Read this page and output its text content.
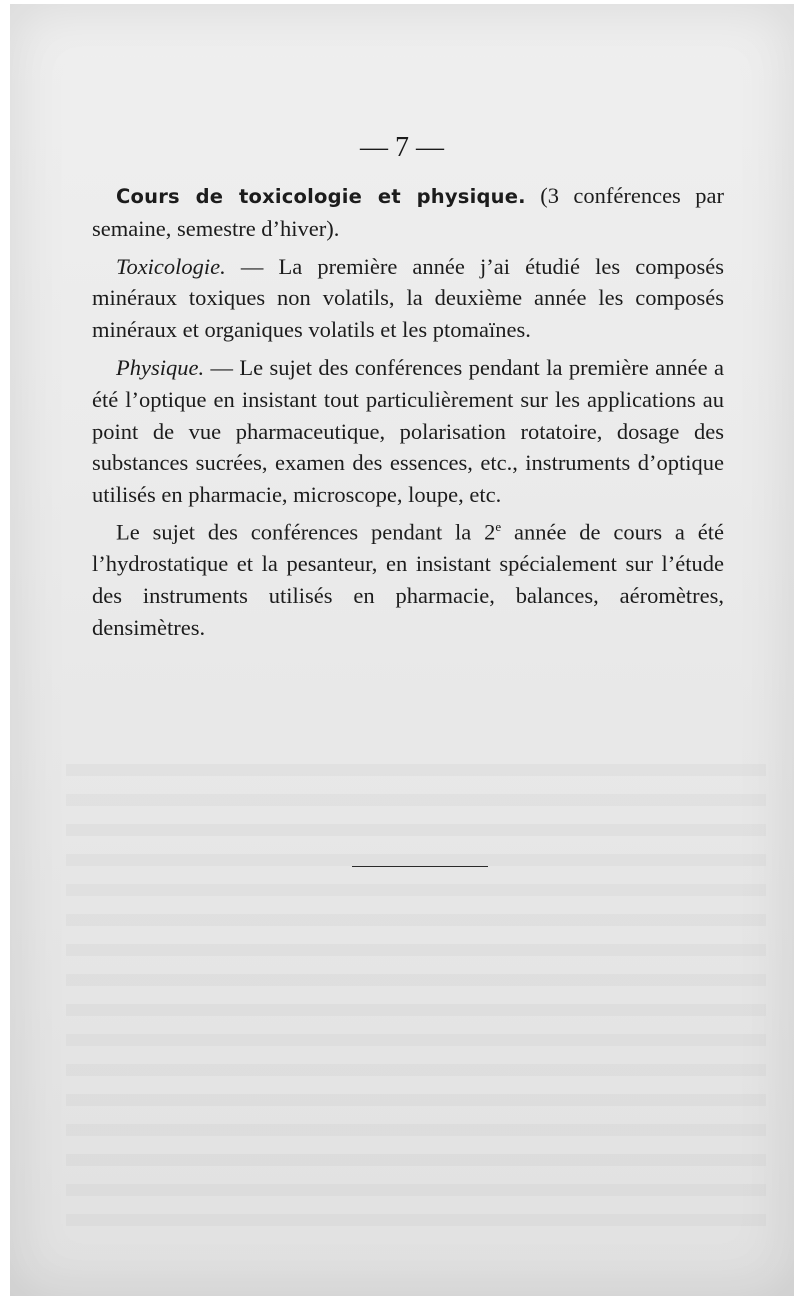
— 7 —

Cours de toxicologie et physique. (3 conférences par semaine, semestre d’hiver).

Toxicologie. — La première année j’ai étudié les composés minéraux toxiques non volatils, la deuxième année les composés minéraux et organiques volatils et les ptomaïnes.

Physique. — Le sujet des conférences pendant la première année a été l’optique en insistant tout particulièrement sur les applications au point de vue pharmaceutique, polarisation rotatoire, dosage des substances sucrées, examen des essences, etc., instruments d’optique utilisés en pharmacie, microscope, loupe, etc.

Le sujet des conférences pendant la 2e année de cours a été l’hydrostatique et la pesanteur, en insistant spécialement sur l’étude des instruments utilisés en pharmacie, balances, aéromètres, densimètres.
